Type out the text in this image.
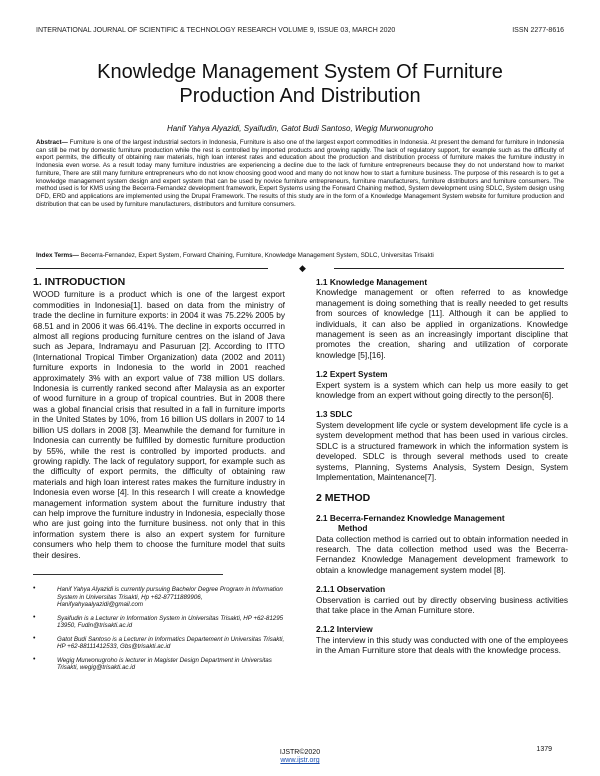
INTERNATIONAL JOURNAL OF SCIENTIFIC & TECHNOLOGY RESEARCH VOLUME 9, ISSUE 03, MARCH 2020	ISSN 2277-8616
Knowledge Management System Of Furniture
Production And Distribution
Hanif Yahya Alyazidi, Syaifudin, Gatot Budi Santoso, Wegig Murwonugroho
Abstract— Furniture is one of the largest industrial sectors in Indonesia, Furniture is also one of the largest export commodities in Indonesia. At present the demand for furniture in Indonesia can still be met by domestic furniture production while the rest is controlled by imported products and growing rapidly. The lack of regulatory support, for example such as the difficulty of export permits, the difficulty of obtaining raw materials, high loan interest rates and education about the production and distribution process of furniture makes the furniture industry in Indonesia even worse. As a result today many furniture industries are experiencing a decline due to the lack of furniture entrepreneurs because they do not understand how to market furniture, There are still many furniture entrepreneurs who do not know choosing good wood and many do not know how to start a furniture business. The purpose of this research is to get a knowledge management system design and expert system that can be used by novice furniture entrepreneurs, furniture manufacturers, furniture distributors and furniture consumers. The method used is for KMS using the Becerra-Fernandez development framework, Expert Systems using the Forward Chaining method, System development using SDLC, System design using DFD, ERD and applications are implemented using the Drupal Framework. The results of this study are in the form of a Knowledge Management System website for furniture production and distribution that can be used by furniture manufacturers, distributors and furniture consumers.
Index Terms— Becerra-Fernandez, Expert System, Forward Chaining, Furniture, Knowledge Management System, SDLC, Universitas Trisakti
◆
1. INTRODUCTION

WOOD furniture is a product which is one of the largest export commodities in Indonesia[1]. based on data from the ministry of trade the decline in furniture exports: in 2004 it was 75.22% 2005 by 68.51 and in 2006 it was 66.41%. The decline in exports occurred in almost all regions producing furniture centres on the island of Java such as Jepara, Indramayu and Pasuruan [2]. According to ITTO (International Tropical Timber Organization) data (2002 and 2011) furniture exports in Indonesia to the world in 2001 reached approximately 3% with an export value of 738 million US dollars. Indonesia is currently ranked second after Malaysia as an exporter of wood furniture in a group of tropical countries. But in 2008 there was a global financial crisis that resulted in a fall in furniture imports in the United States by 10%, from 16 billion US dollars in 2007 to 14 billion US dollars in 2008 [3]. Meanwhile the demand for furniture in Indonesia can currently be fulfilled by domestic furniture production by 55%, while the rest is controlled by imported products. and growing rapidly. The lack of regulatory support, for example such as the difficulty of export permits, the difficulty of obtaining raw materials and high loan interest rates makes the furniture industry in Indonesia even worse [4]. In this research I will create a knowledge management information system about the furniture industry that can help improve the furniture industry in Indonesia, especially those who are just going into the furniture business. not only that in this information system there is also an expert system for furniture consumers who help them to choose the furniture model that suits their desires.

•	Hanif Yahya Alyazidi is currently pursuing Bachelor Degree Program in Information System in Universitas Trisakti, Hp +62-87711889906, Hanifyahyaalyazidi@gmail.com
•	Syaifudin is a Lecturer in Information System in Universitas Trisakti, HP +62-81295 13950, Fudin@trisakti.ac.id
•	Gatot Budi Santoso is a Lecturer in Informatics Departement in Universitas Trisakti, HP +62-88111412533, Gbs@trisakti.ac.id
•	Wegig Murwonugroho is lecturer in Magister Design Department in Universitas Trisakti, wegig@trisakti.ac.id
1.1 Knowledge Management

Knowledge management or often referred to as knowledge management is doing something that is really needed to get results from sources of knowledge [11]. Although it can be applied to individuals, it can also be applied in organizations. Knowledge management is seen as an increasingly important discipline that promotes the creation, sharing and utilization of corporate knowledge [5],[16].

1.2 Expert System

Expert system is a system which can help us more easily to get knowledge from an expert without going directly to the person[6].

1.3 SDLC

System development life cycle or system development life cycle is a system development method that has been used in various circles. SDLC is a structured framework in which the information system is developed. SDLC is through several methods used to create systems, Planning, Systems Analysis, System Design, System Implementation, Maintenance[7].

2 METHOD
2.1 Becerra-Fernandez Knowledge Management
Method

Data collection method is carried out to obtain information needed in research. The data collection method used was the Becerra-Fernandez Knowledge Management development framework to obtain a knowledge management system model [8].

2.1.1 Observation

Observation is carried out by directly observing business activities that take place in the Aman Furniture store.

2.1.2 Interview

The interview in this study was conducted with one of the employees in the Aman Furniture store that deals with the knowledge process.

1379
IJSTR©2020
www.ijstr.org
